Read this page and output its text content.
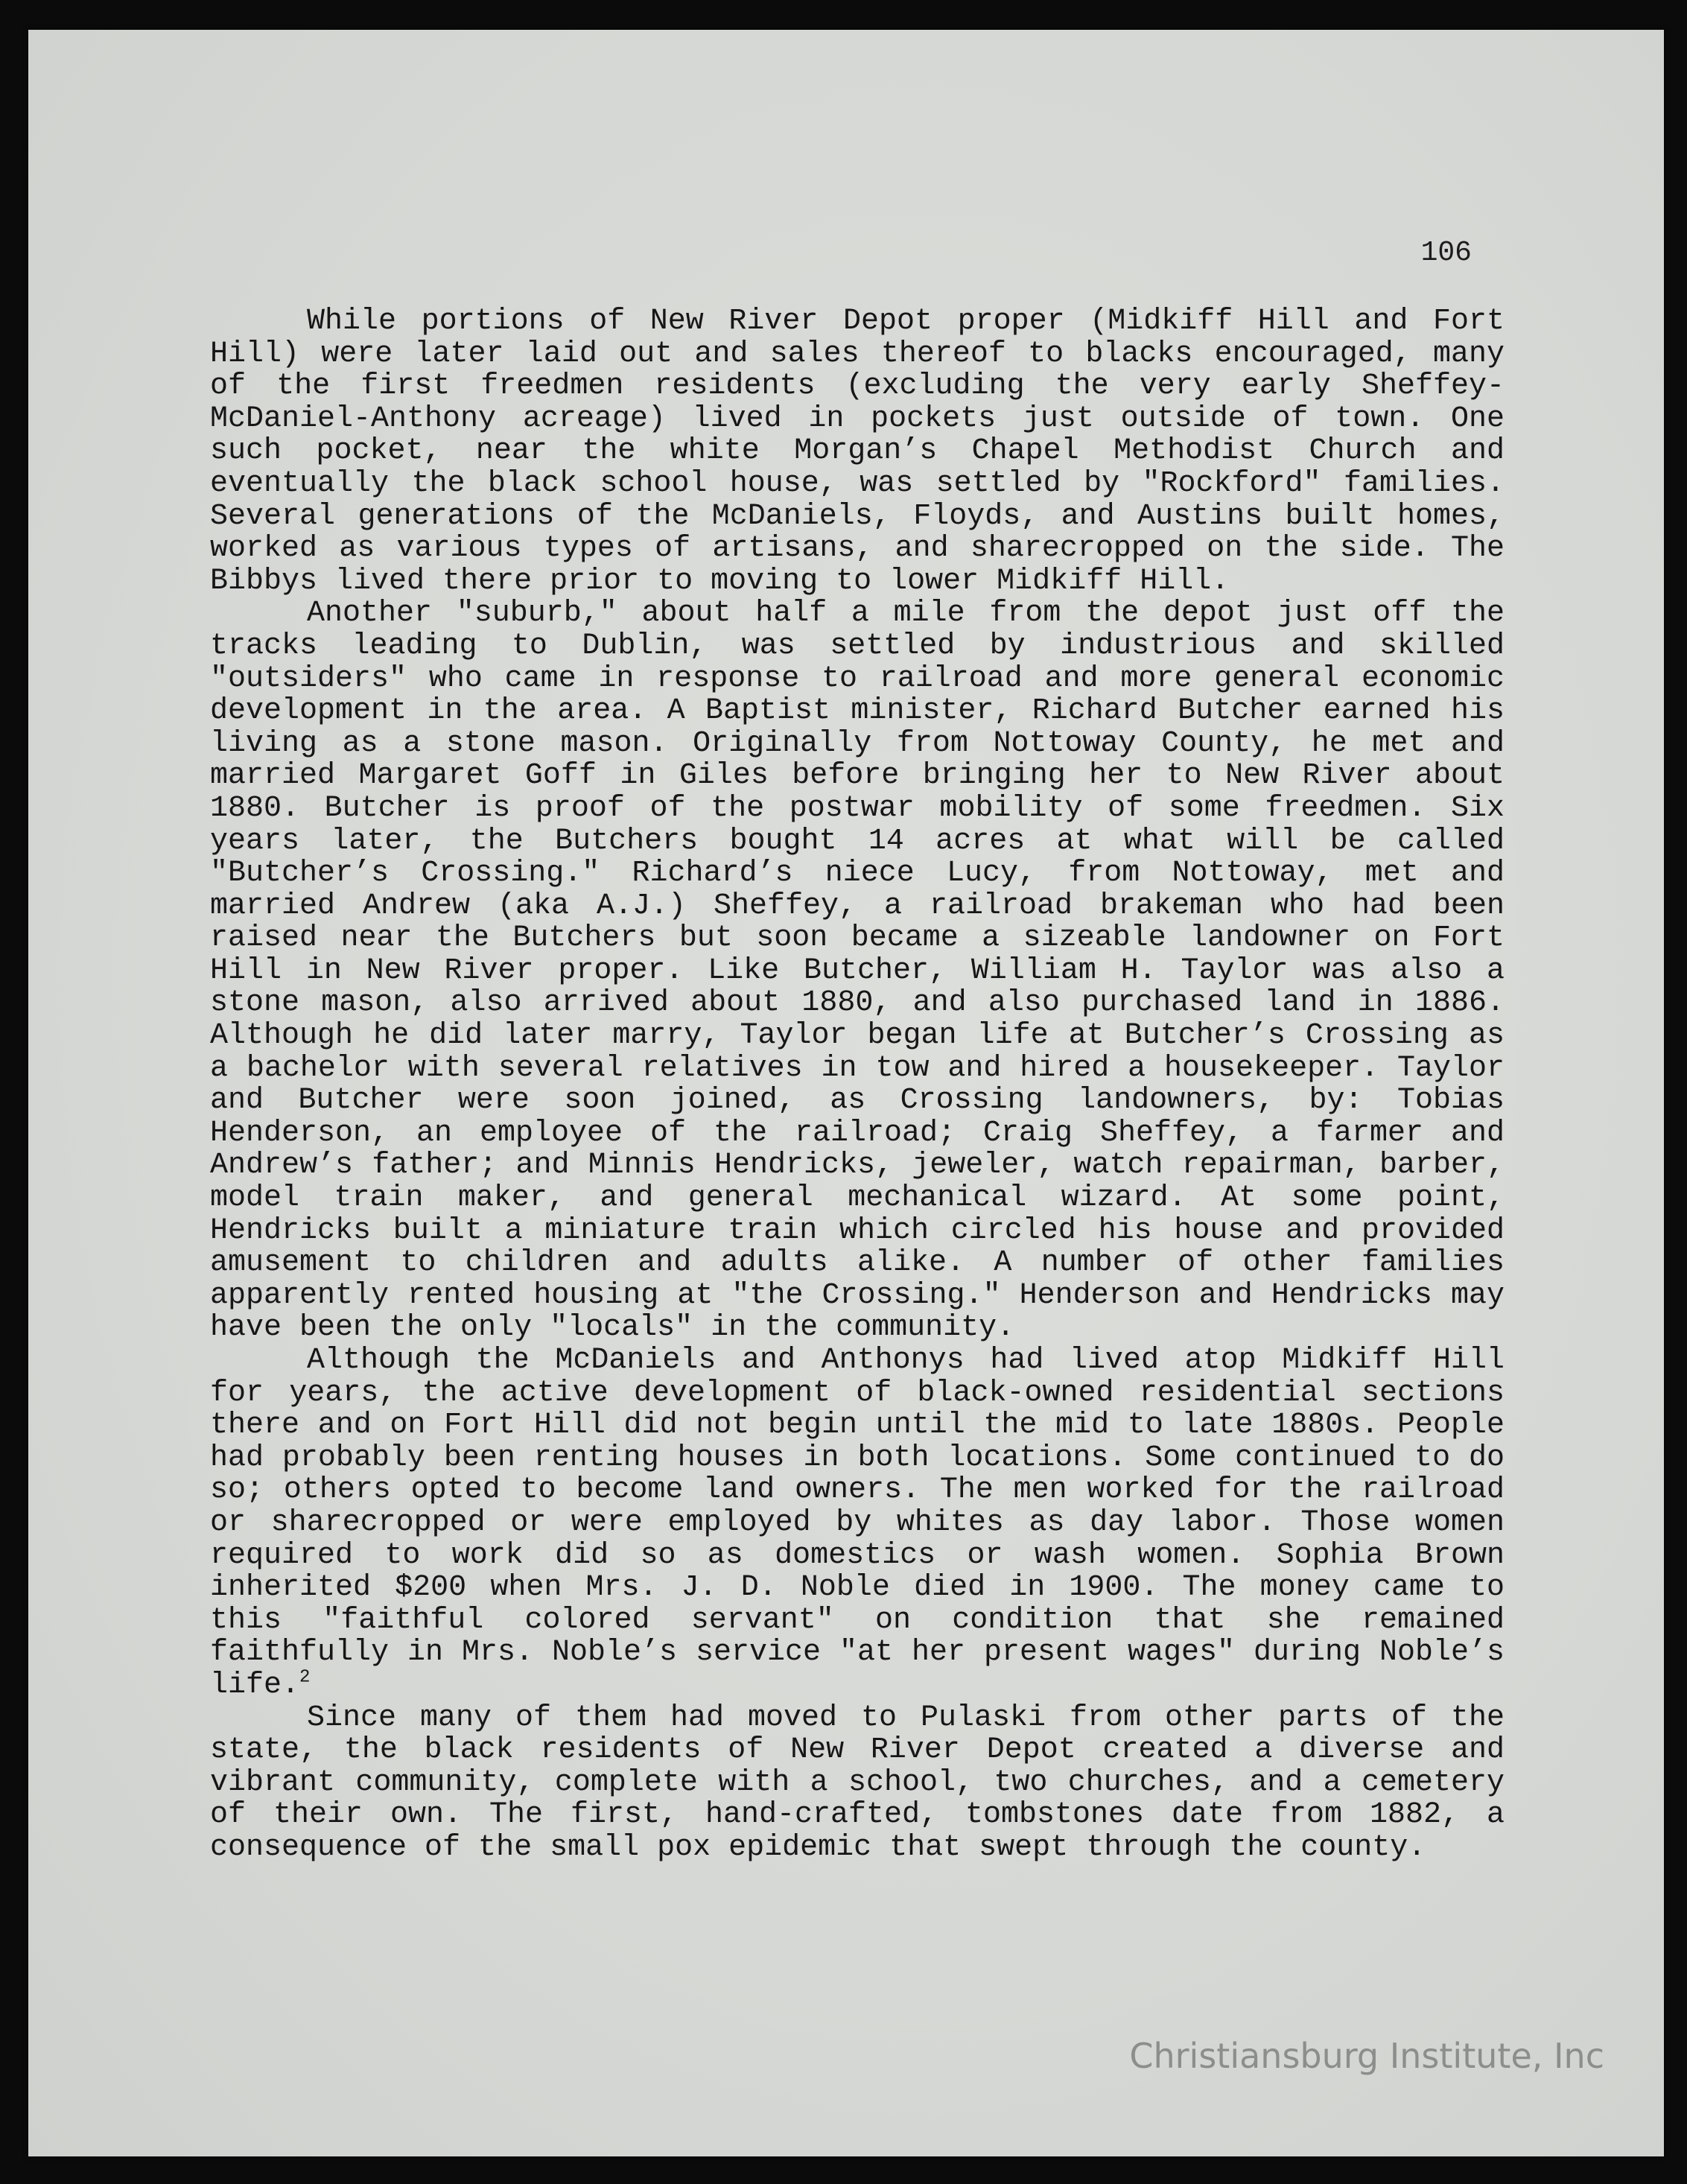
106

While portions of New River Depot proper (Midkiff Hill and Fort Hill) were later laid out and sales thereof to blacks encouraged, many of the first freedmen residents (excluding the very early Sheffey-McDaniel-Anthony acreage) lived in pockets just outside of town. One such pocket, near the white Morgan’s Chapel Methodist Church and eventually the black school house, was settled by "Rockford" families. Several generations of the McDaniels, Floyds, and Austins built homes, worked as various types of artisans, and sharecropped on the side. The Bibbys lived there prior to moving to lower Midkiff Hill.

Another "suburb," about half a mile from the depot just off the tracks leading to Dublin, was settled by industrious and skilled "outsiders" who came in response to railroad and more general economic development in the area. A Baptist minister, Richard Butcher earned his living as a stone mason. Originally from Nottoway County, he met and married Margaret Goff in Giles before bringing her to New River about 1880. Butcher is proof of the postwar mobility of some freedmen. Six years later, the Butchers bought 14 acres at what will be called "Butcher’s Crossing." Richard’s niece Lucy, from Nottoway, met and married Andrew (aka A.J.) Sheffey, a railroad brakeman who had been raised near the Butchers but soon became a sizeable landowner on Fort Hill in New River proper. Like Butcher, William H. Taylor was also a stone mason, also arrived about 1880, and also purchased land in 1886. Although he did later marry, Taylor began life at Butcher’s Crossing as a bachelor with several relatives in tow and hired a housekeeper. Taylor and Butcher were soon joined, as Crossing landowners, by: Tobias Henderson, an employee of the railroad; Craig Sheffey, a farmer and Andrew’s father; and Minnis Hendricks, jeweler, watch repairman, barber, model train maker, and general mechanical wizard. At some point, Hendricks built a miniature train which circled his house and provided amusement to children and adults alike. A number of other families apparently rented housing at "the Crossing." Henderson and Hendricks may have been the only "locals" in the community.

Although the McDaniels and Anthonys had lived atop Midkiff Hill for years, the active development of black-owned residential sections there and on Fort Hill did not begin until the mid to late 1880s. People had probably been renting houses in both locations. Some continued to do so; others opted to become land owners. The men worked for the railroad or sharecropped or were employed by whites as day labor. Those women required to work did so as domestics or wash women. Sophia Brown inherited $200 when Mrs. J. D. Noble died in 1900. The money came to this "faithful colored servant" on condition that she remained faithfully in Mrs. Noble’s service "at her present wages" during Noble’s life.$^2$

Since many of them had moved to Pulaski from other parts of the state, the black residents of New River Depot created a diverse and vibrant community, complete with a school, two churches, and a cemetery of their own. The first, hand-crafted, tombstones date from 1882, a consequence of the small pox epidemic that swept through the county.

Christiansburg Institute, Inc
